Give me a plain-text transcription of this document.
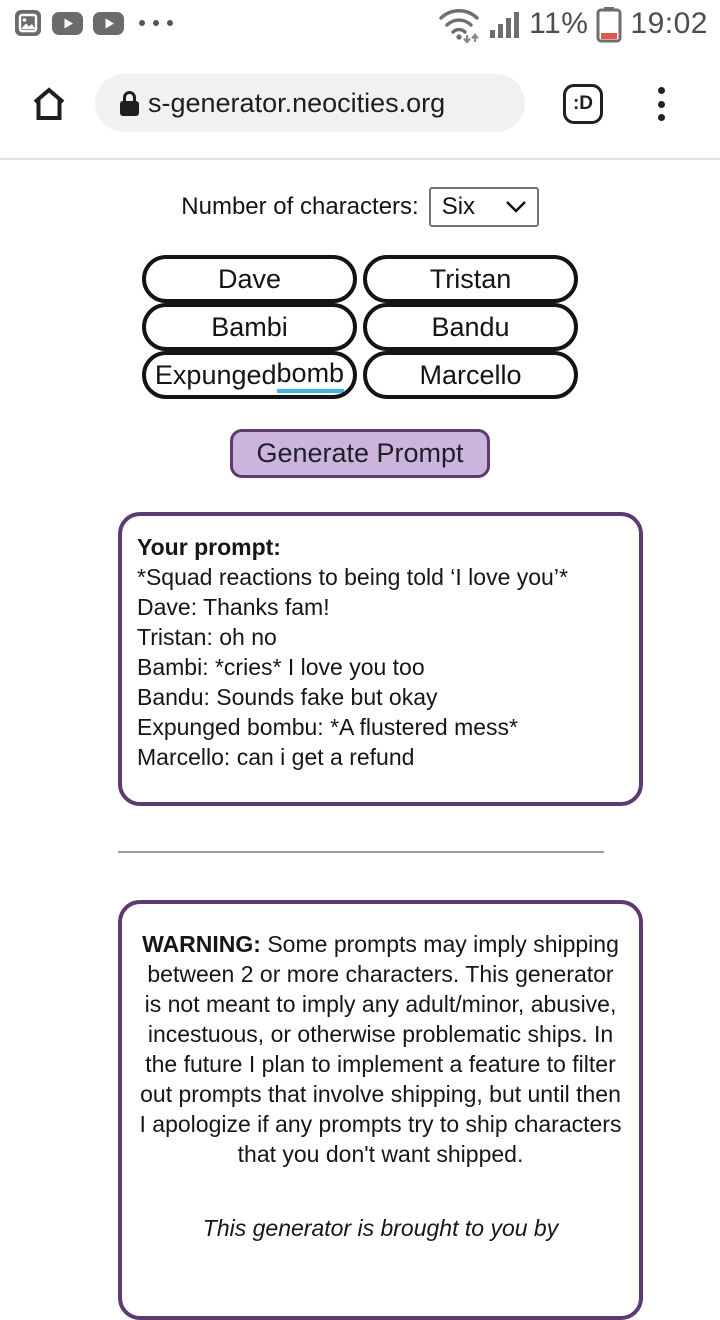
11% 19:02
s-generator.neocities.org	:D
Number of characters: Six
Dave	Tristan
Bambi	Bandu
Expunged bomb	Marcello
Generate Prompt
Your prompt:
*Squad reactions to being told ‘I love you’*
Dave: Thanks fam!
Tristan: oh no
Bambi: *cries* I love you too
Bandu: Sounds fake but okay
Expunged bombu: *A flustered mess*
Marcello: can i get a refund
WARNING: Some prompts may imply shipping between 2 or more characters. This generator is not meant to imply any adult/minor, abusive, incestuous, or otherwise problematic ships. In the future I plan to implement a feature to filter out prompts that involve shipping, but until then I apologize if any prompts try to ship characters that you don't want shipped.
This generator is brought to you by
